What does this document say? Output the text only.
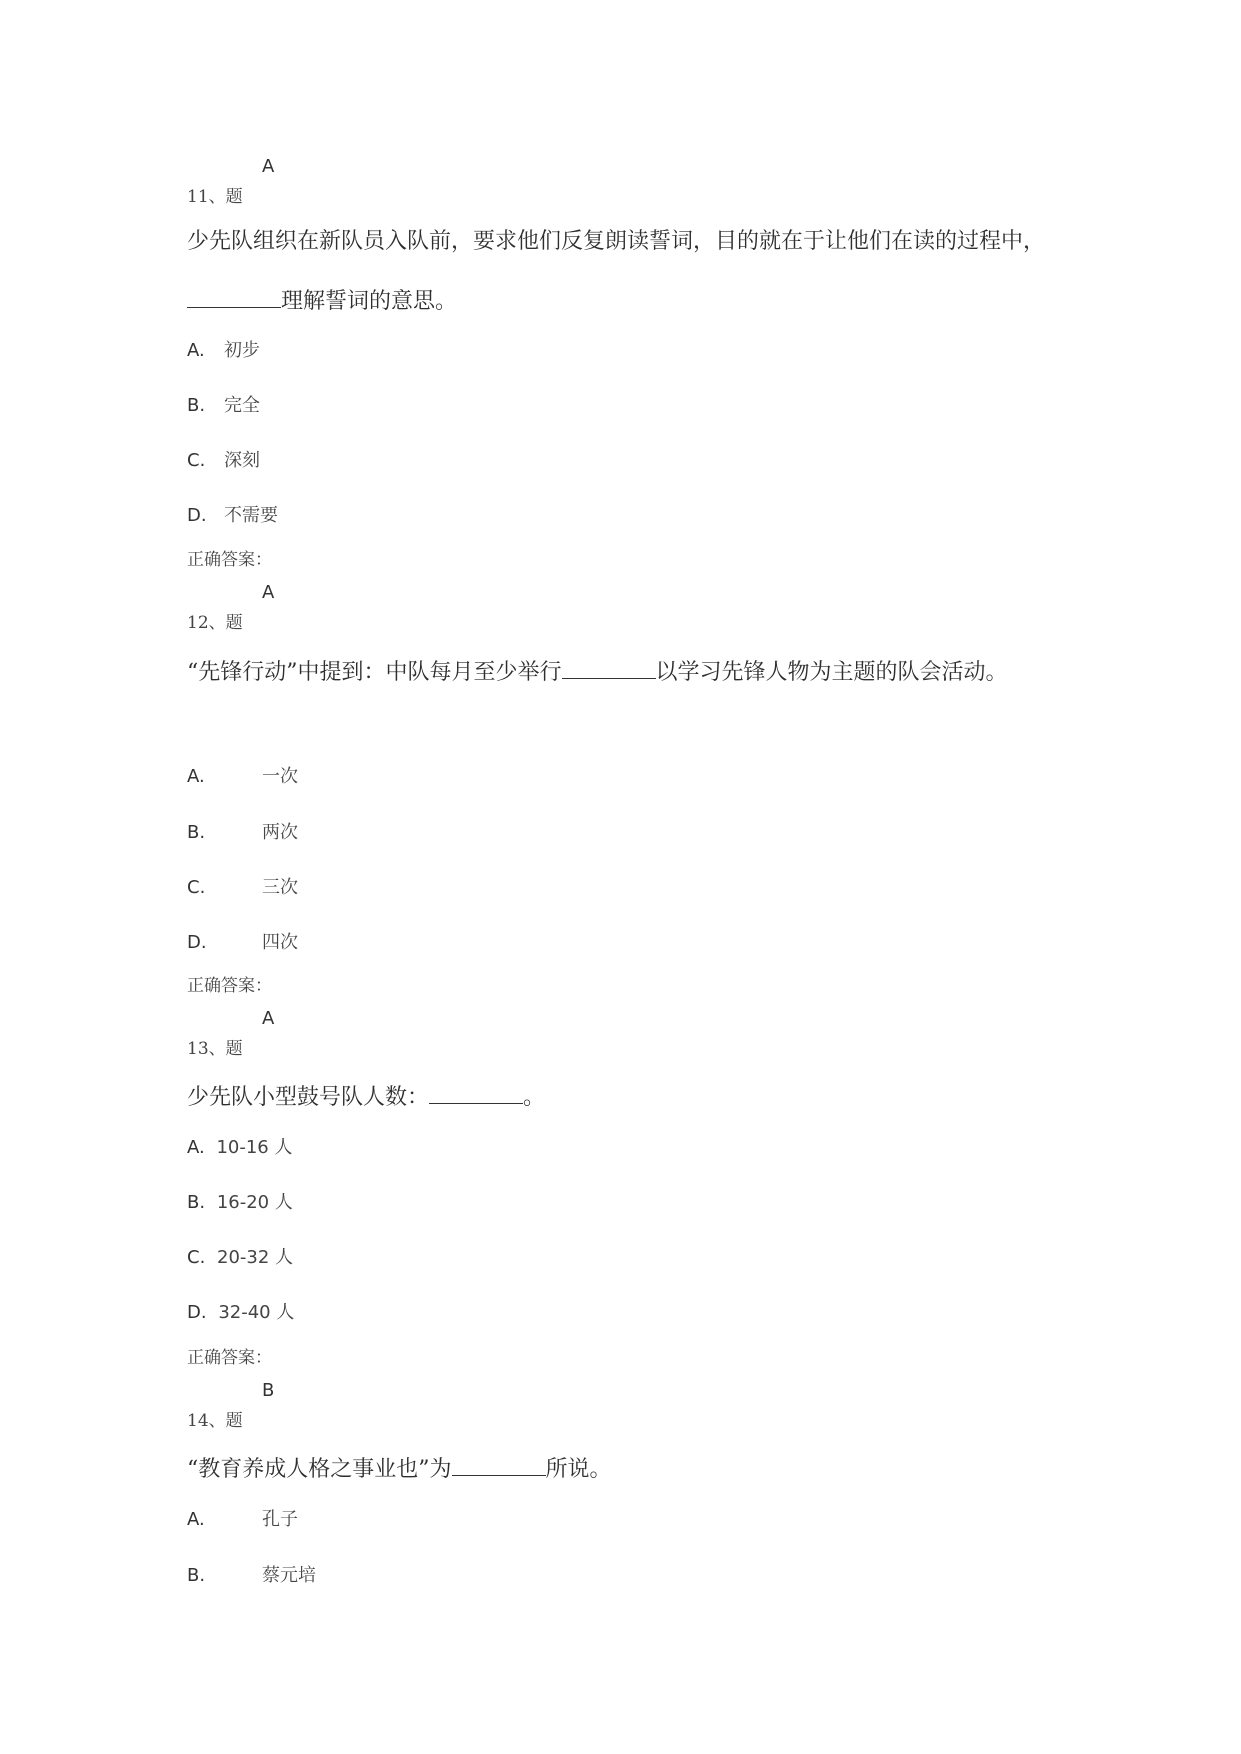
A
11、题
少先队组织在新队员入队前，要求他们反复朗读誓词，目的就在于让他们在读的过程中，
理解誓词的意思。
A. 初步
B. 完全
C. 深刻
D. 不需要
正确答案：
A
12、题
“先锋行动”中提到：中队每月至少举行	以学习先锋人物为主题的队会活动。
A.	一次
B.	两次
C.	三次
D.	四次
正确答案：
A
13、题
少先队小型鼓号队人数：	。
A. 10-16 人
B. 16-20 人
C. 20-32 人
D. 32-40 人
正确答案：
B
14、题
“教育养成人格之事业也”为	所说。
A.	孔子
B.	蔡元培
